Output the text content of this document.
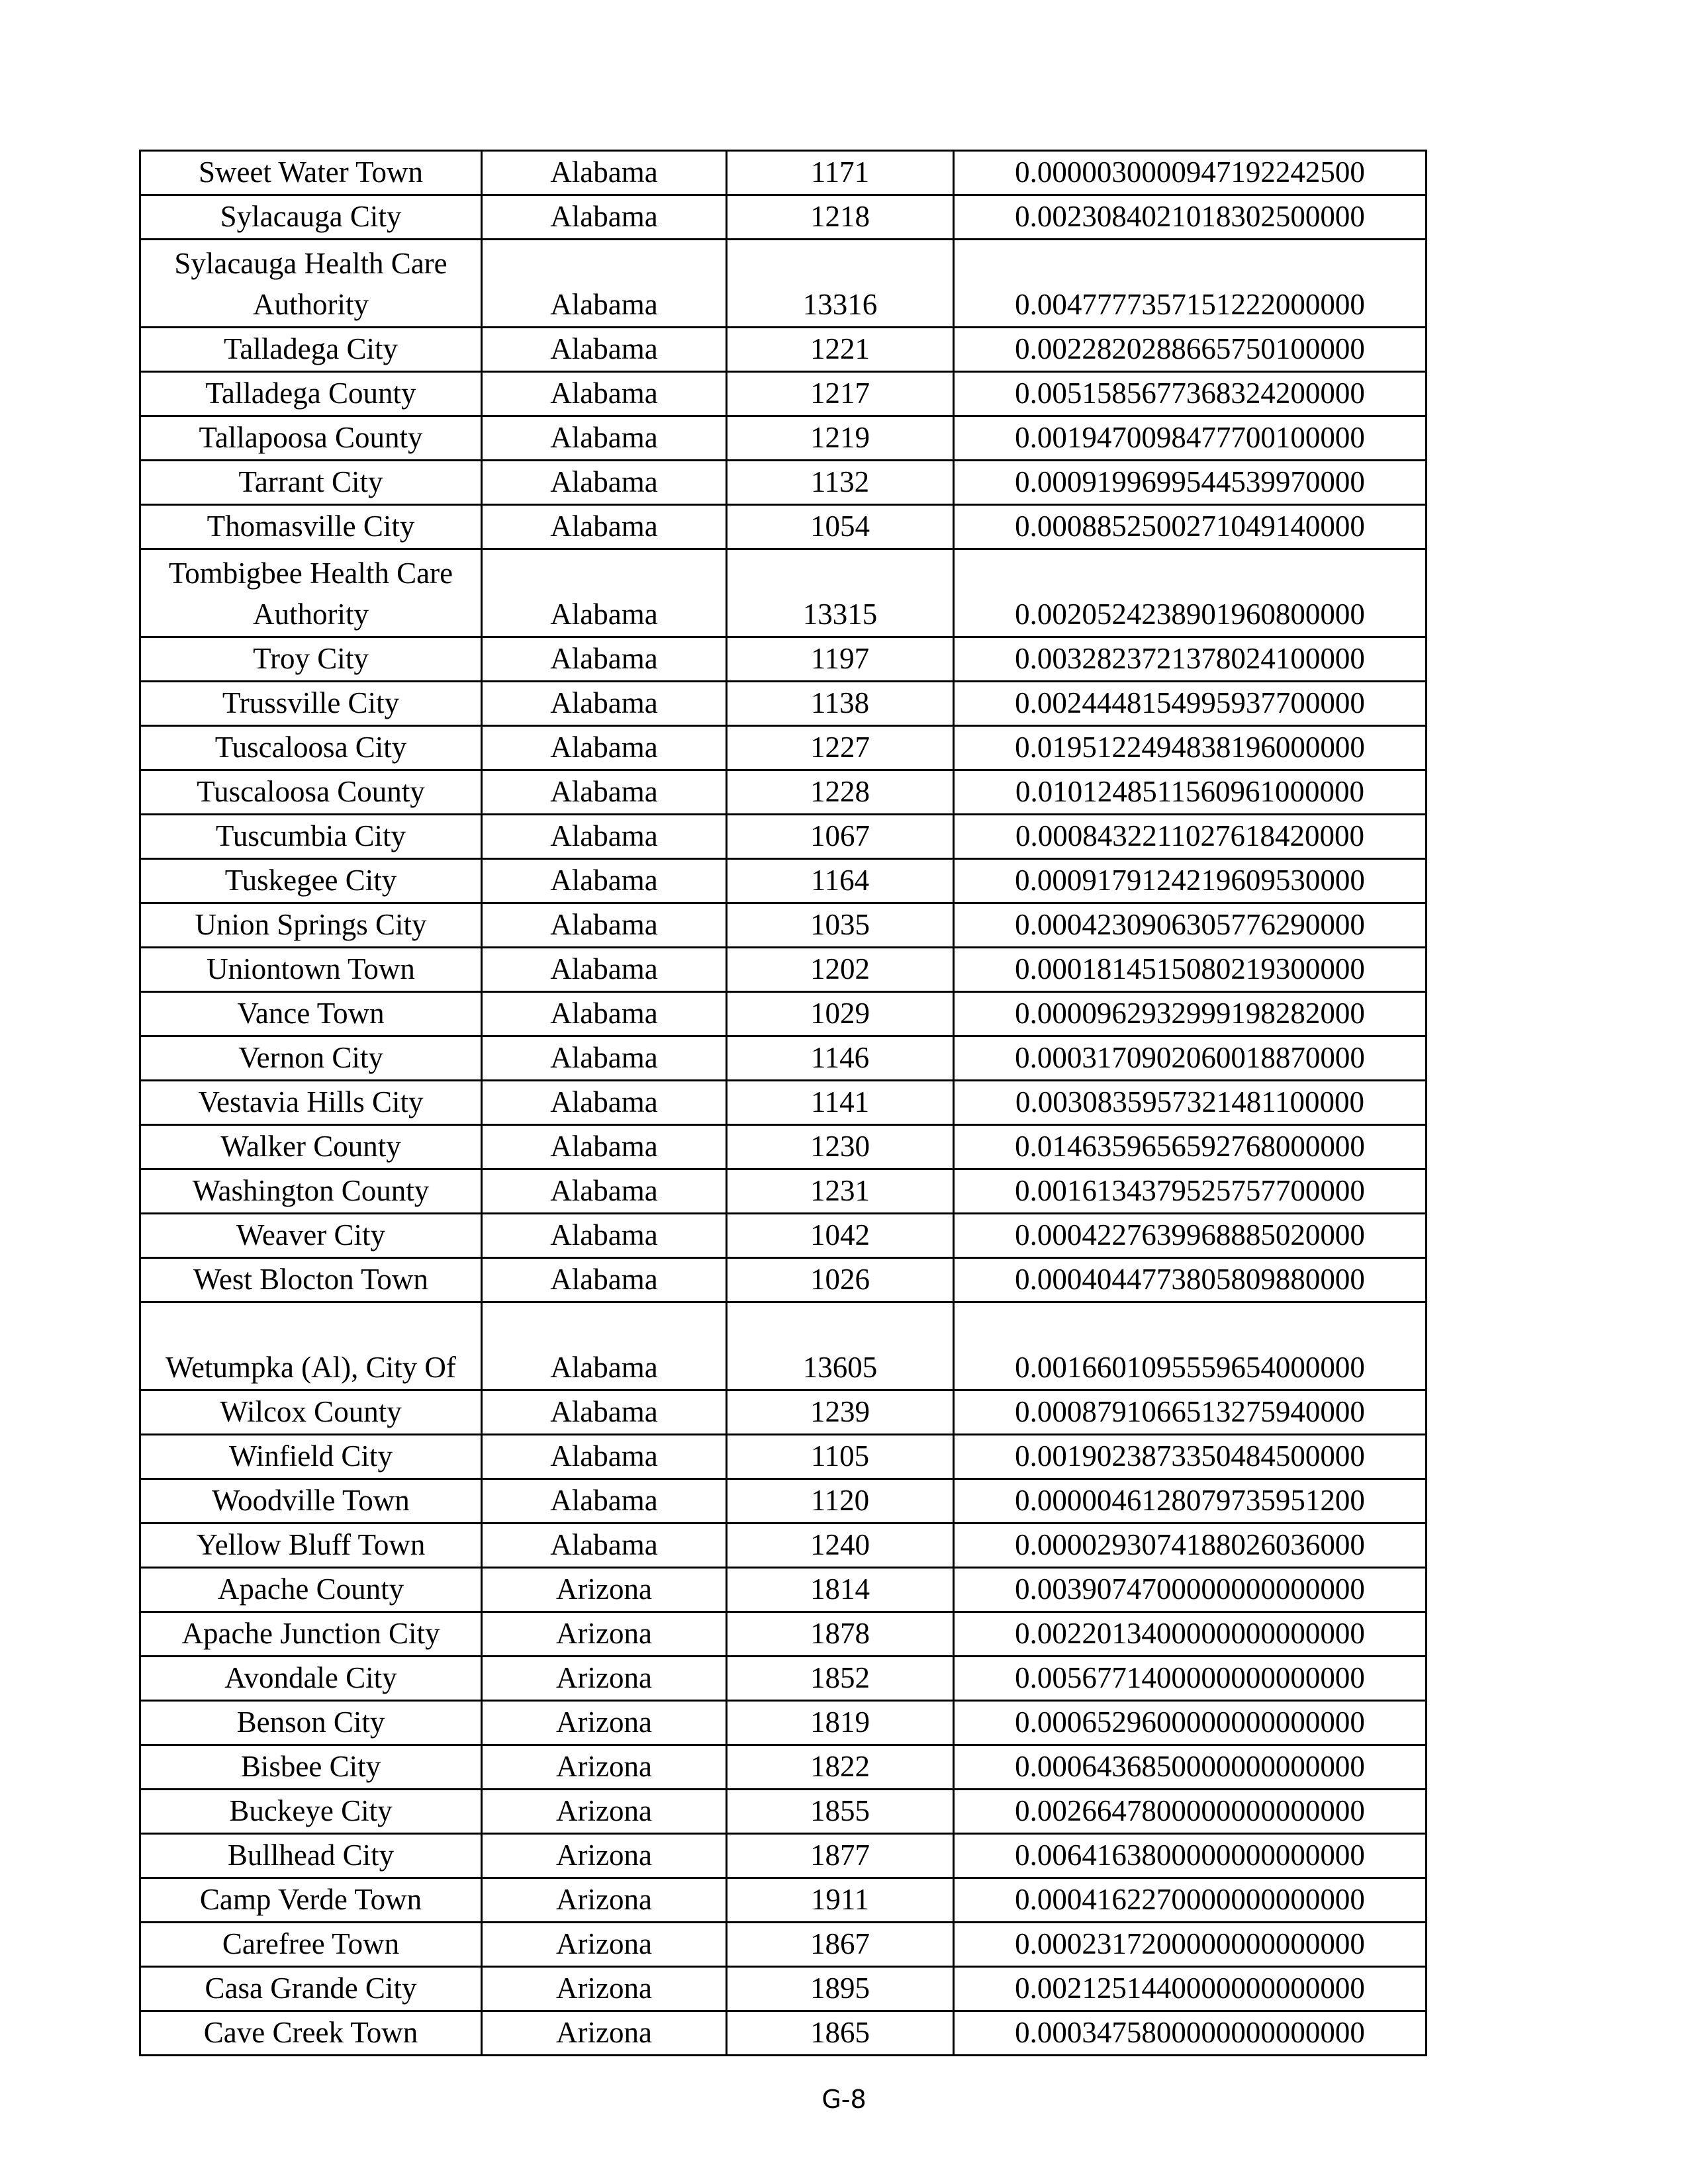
Sweet Water Town	Alabama	1171	0.0000030000947192242500
Sylacauga City	Alabama	1218	0.0023084021018302500000
Sylacauga Health Care Authority	Alabama	13316	0.0047777357151222000000
Talladega City	Alabama	1221	0.0022820288665750100000
Talladega County	Alabama	1217	0.0051585677368324200000
Tallapoosa County	Alabama	1219	0.0019470098477700100000
Tarrant City	Alabama	1132	0.0009199699544539970000
Thomasville City	Alabama	1054	0.0008852500271049140000
Tombigbee Health Care Authority	Alabama	13315	0.0020524238901960800000
Troy City	Alabama	1197	0.0032823721378024100000
Trussville City	Alabama	1138	0.0024448154995937700000
Tuscaloosa City	Alabama	1227	0.0195122494838196000000
Tuscaloosa County	Alabama	1228	0.0101248511560961000000
Tuscumbia City	Alabama	1067	0.0008432211027618420000
Tuskegee City	Alabama	1164	0.0009179124219609530000
Union Springs City	Alabama	1035	0.0004230906305776290000
Uniontown Town	Alabama	1202	0.0001814515080219300000
Vance Town	Alabama	1029	0.0000962932999198282000
Vernon City	Alabama	1146	0.0003170902060018870000
Vestavia Hills City	Alabama	1141	0.0030835957321481100000
Walker County	Alabama	1230	0.0146359656592768000000
Washington County	Alabama	1231	0.0016134379525757700000
Weaver City	Alabama	1042	0.0004227639968885020000
West Blocton Town	Alabama	1026	0.0004044773805809880000
Wetumpka (Al), City Of	Alabama	13605	0.0016601095559654000000
Wilcox County	Alabama	1239	0.0008791066513275940000
Winfield City	Alabama	1105	0.0019023873350484500000
Woodville Town	Alabama	1120	0.0000046128079735951200
Yellow Bluff Town	Alabama	1240	0.0000293074188026036000
Apache County	Arizona	1814	0.0039074700000000000000
Apache Junction City	Arizona	1878	0.0022013400000000000000
Avondale City	Arizona	1852	0.0056771400000000000000
Benson City	Arizona	1819	0.0006529600000000000000
Bisbee City	Arizona	1822	0.0006436850000000000000
Buckeye City	Arizona	1855	0.0026647800000000000000
Bullhead City	Arizona	1877	0.0064163800000000000000
Camp Verde Town	Arizona	1911	0.0004162270000000000000
Carefree Town	Arizona	1867	0.0002317200000000000000
Casa Grande City	Arizona	1895	0.0021251440000000000000
Cave Creek Town	Arizona	1865	0.0003475800000000000000
G-8
